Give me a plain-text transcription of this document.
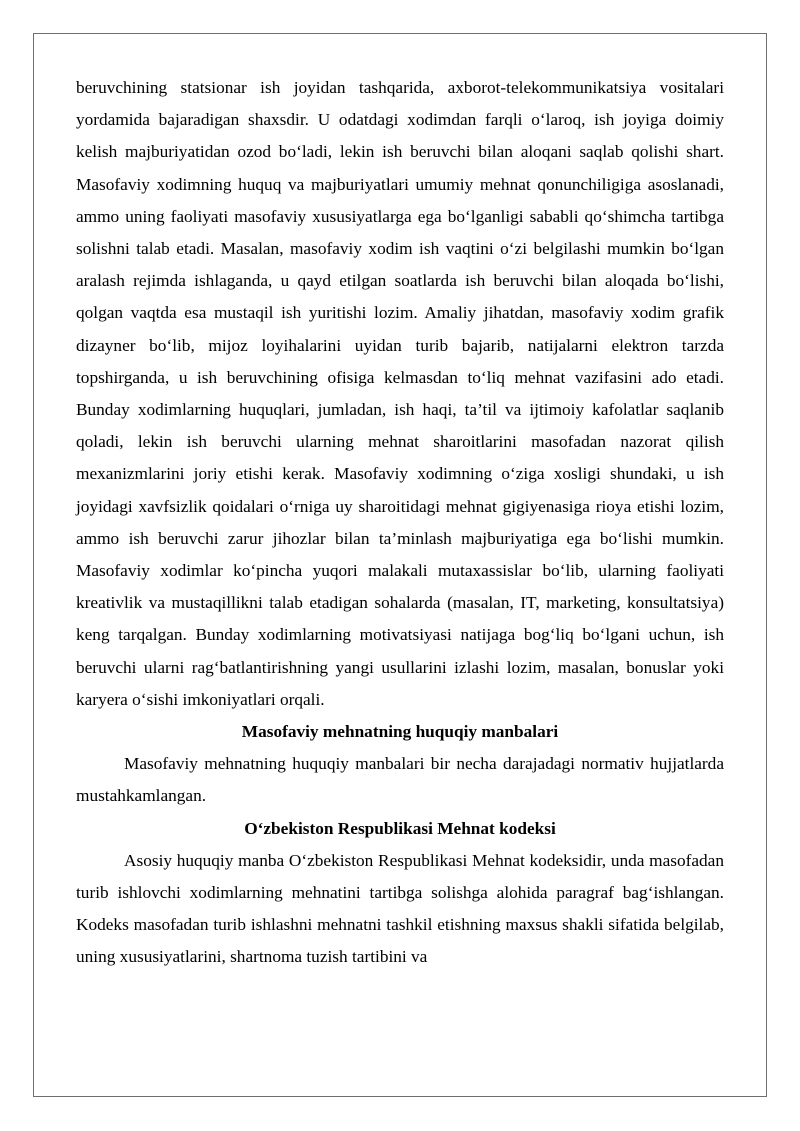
beruvchining statsionar ish joyidan tashqarida, axborot-telekommunikatsiya vositalari yordamida bajaradigan shaxsdir. U odatdagi xodimdan farqli o‘laroq, ish joyiga doimiy kelish majburiyatidan ozod bo‘ladi, lekin ish beruvchi bilan aloqani saqlab qolishi shart. Masofaviy xodimning huquq va majburiyatlari umumiy mehnat qonunchiligiga asoslanadi, ammo uning faoliyati masofaviy xususiyatlarga ega bo‘lganligi sababli qo‘shimcha tartibga solishni talab etadi. Masalan, masofaviy xodim ish vaqtini o‘zi belgilashi mumkin bo‘lgan aralash rejimda ishlaganda, u qayd etilgan soatlarda ish beruvchi bilan aloqada bo‘lishi, qolgan vaqtda esa mustaqil ish yuritishi lozim. Amaliy jihatdan, masofaviy xodim grafik dizayner bo‘lib, mijoz loyihalarini uyidan turib bajarib, natijalarni elektron tarzda topshirganda, u ish beruvchining ofisiga kelmasdan to‘liq mehnat vazifasini ado etadi. Bunday xodimlarning huquqlari, jumladan, ish haqi, ta’til va ijtimoiy kafolatlar saqlanib qoladi, lekin ish beruvchi ularning mehnat sharoitlarini masofadan nazorat qilish mexanizmlarini joriy etishi kerak. Masofaviy xodimning o‘ziga xosligi shundaki, u ish joyidagi xavfsizlik qoidalari o‘rniga uy sharoitidagi mehnat gigiyenasiga rioya etishi lozim, ammo ish beruvchi zarur jihozlar bilan ta’minlash majburiyatiga ega bo‘lishi mumkin. Masofaviy xodimlar ko‘pincha yuqori malakali mutaxassislar bo‘lib, ularning faoliyati kreativlik va mustaqillikni talab etadigan sohalarda (masalan, IT, marketing, konsultatsiya) keng tarqalgan. Bunday xodimlarning motivatsiyasi natijaga bog‘liq bo‘lgani uchun, ish beruvchi ularni rag‘batlantirishning yangi usullarini izlashi lozim, masalan, bonuslar yoki karyera o‘sishi imkoniyatlari orqali.

Masofaviy mehnatning huquqiy manbalari

Masofaviy mehnatning huquqiy manbalari bir necha darajadagi normativ hujjatlarda mustahkamlangan.

O‘zbekiston Respublikasi Mehnat kodeksi

Asosiy huquqiy manba O‘zbekiston Respublikasi Mehnat kodeksidir, unda masofadan turib ishlovchi xodimlarning mehnatini tartibga solishga alohida paragraf bag‘ishlangan. Kodeks masofadan turib ishlashni mehnatni tashkil etishning maxsus shakli sifatida belgilab, uning xususiyatlarini, shartnoma tuzish tartibini va
